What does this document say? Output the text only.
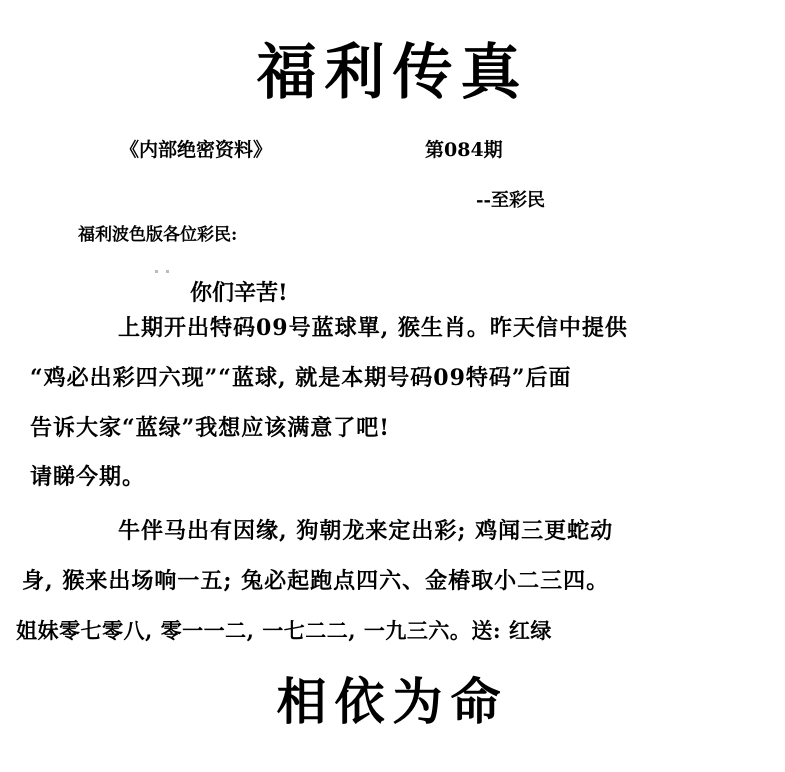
福利传真
《内部绝密资料》	第084期
--至彩民
福利波色版各位彩民:
你们辛苦!
上期开出特码09号蓝球單, 猴生肖。昨天信中提供
“鸡必出彩四六现”“蓝球, 就是本期号码09特码”后面
告诉大家“蓝绿”我想应该满意了吧!
请睇今期。
牛伴马出有因缘, 狗朝龙来定出彩; 鸡闻三更蛇动
身, 猴来出场响一五; 兔必起跑点四六、金椿取小二三四。
姐妹零七零八, 零一一二, 一七二二, 一九三六。送: 红绿
相依为命
